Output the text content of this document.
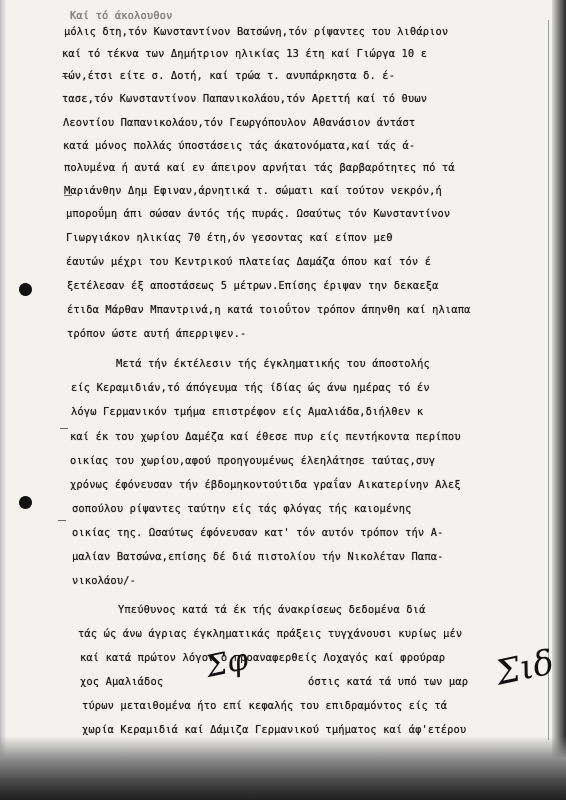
Καί τό άκολουθον
μόλις δτη,τόν Κωνσταντίνον Βατσώνη,τόν ρίψαντες του λιθάριον
καί τό τέκνα των Δημήτριον ηλικίας 13 έτη καί Γιώργα 10 ε
τών,έτσι είτε σ. Δοτή, καί τρώα τ. ανυπάρκηστα δ. έ-
τασε,τόν Κωνσταντίνον Παπανικολάου,τόν Αρεττή καί τό θυων
Λεοντίου Παπανικολάου,τόν Γεωργόπουλον Αθανάσιον άντάστ
κατά μόνος πολλάς ύποστάσεις τάς άκατονόματα,καί τάς ά-
πολυμένα ή αυτά καί εν άπειρον αρνήται τάς βαρβαρότητες πό τά
Μαριάνθην Δημ Εφιναν,άρνητικά τ. σώματι καί τούτον νεκρόν,ή
μποροΰμη άπι σώσαν άντός τής πυράς. Ωσαύτως τόν Κωνσταντίνον
Γιωργιάκον ηλικίας 70 έτη,όν γεσοντας καί είπον μεθ
έαυτών μέχρι του Κεντρικού πλατείας Δαμάζα όπου καί τόν έ
ξετέλεσαν έξ αποστάσεως 5 μέτρων.Επίσης έριψαν την δεκαεξα
έτιδα Μάρθαν Μπαντρινά,η κατά τοιοΰτον τρόπον άπηνθη καί ηλιαπα
τρόπον ώστε αυτή άπερριψεν.-
Μετά τήν έκτέλεσιν τής έγκληματικής του άποστολής
είς Κεραμιδιάν,τό άπόγευμα τής ίδίας ώς άνω ημέρας τό έν
λόγω Γερμανικόν τμήμα επιστρέφον είς Αμαλιάδα,διήλθεν κ
καί έκ του χωρίου Δαμέζα καί έθεσε πυρ είς πεντήκοντα περίπου
οικίας του χωρίου,αφού προηγουμένως έλεηλάτησε ταύτας,συγ
χρόνως έφόνευσαν τήν έβδομηκοντούτιδα γραΐαν Αικατερίνην Αλεξ
σοπούλου ρίψαντες ταύτην είς τάς φλόγας τής καιομένης
οικίας της. Ωσαύτως έφόνευσαν κατ' τόν αυτόν τρόπον τήν Α-
μαλίαν Βατσώνα,επίσης δέ διά πιστολίου τήν Νικολέταν Παπα-
νικολάου/-
Υπεύθυνος κατά τά έκ τής άνακρίσεως δεδομένα διά
τάς ώς άνω άγριας έγκληματικάς πράξεις τυγχάνουσι κυρίως μέν
καί κατά πρώτον λόγον ο προαναφερθείς Λοχαγός καί φρούραρ
χος Αμαλιάδος	όστις κατά τά υπό των μαρ
τύρων μεταιθομένα ήτο επί κεφαλής του επιδραμόντος είς τά
χωρία Κεραμιδιά καί Δάμιζα Γερμανικού τμήματος καί άφ'ετέρου
Σφ	Σιδ
